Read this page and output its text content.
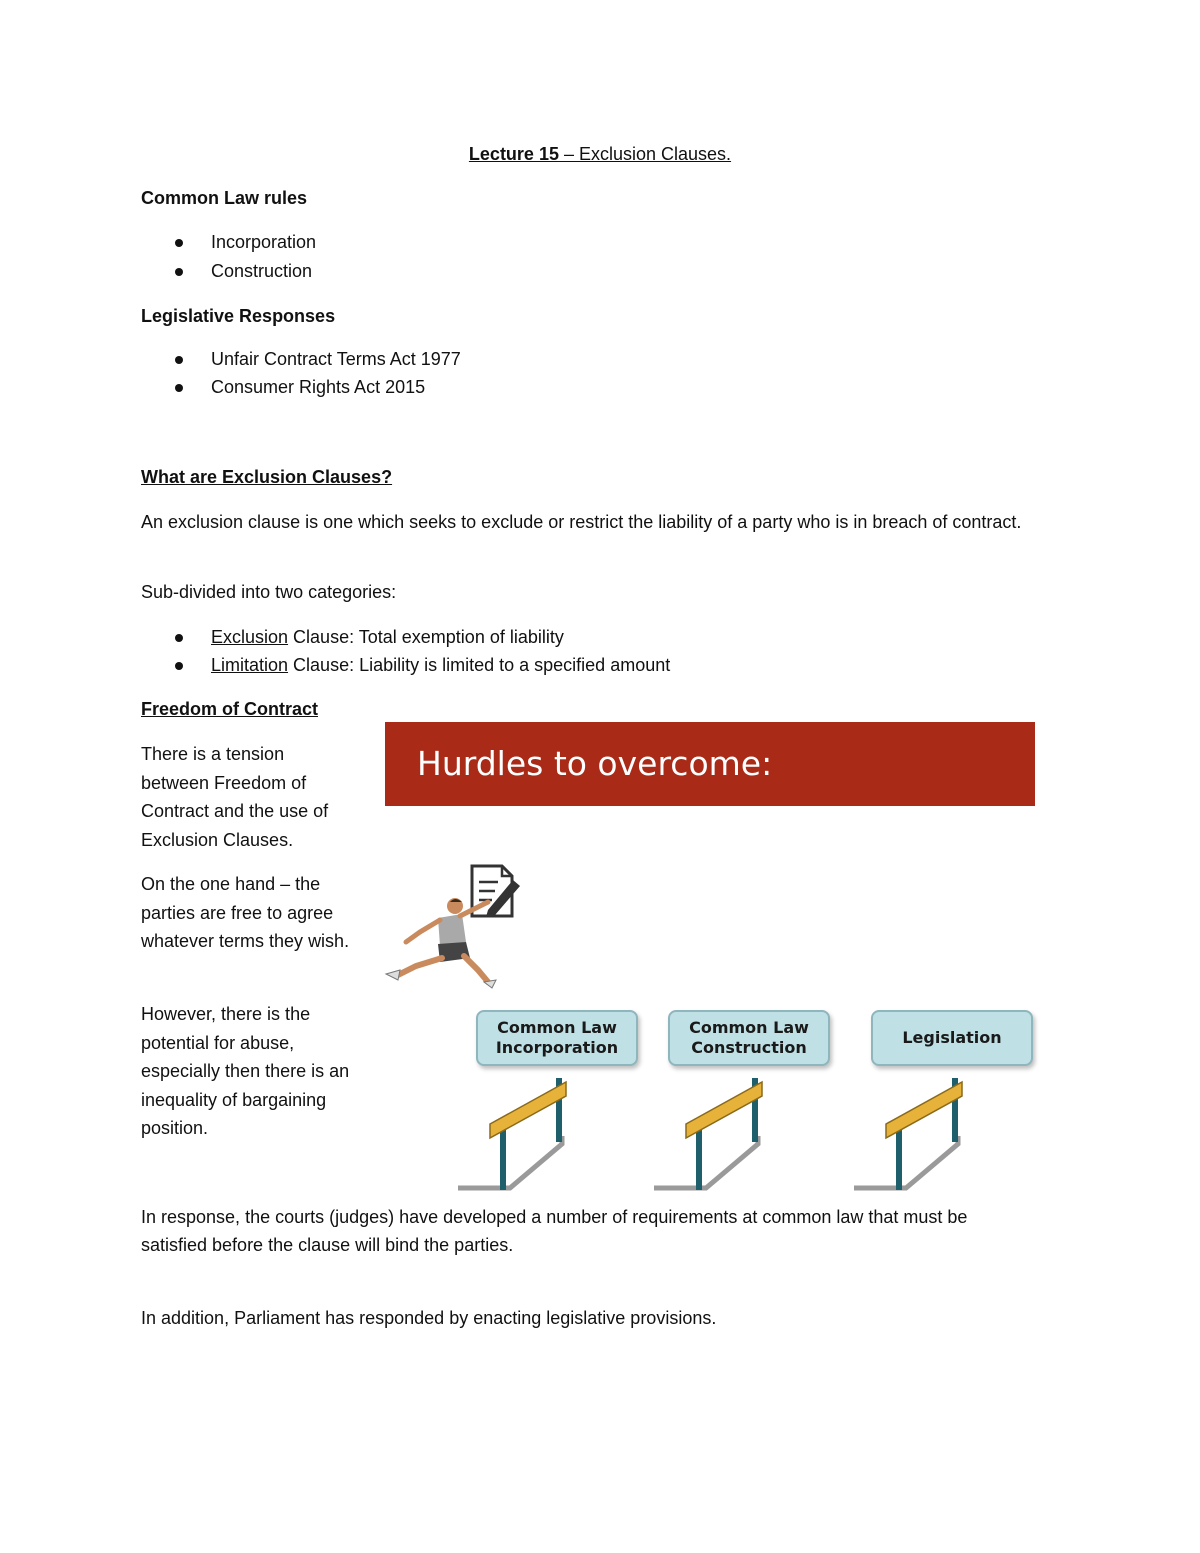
Lecture 15 – Exclusion Clauses.
Common Law rules
Incorporation
Construction
Legislative Responses
Unfair Contract Terms Act 1977
Consumer Rights Act 2015
What are Exclusion Clauses?
An exclusion clause is one which seeks to exclude or restrict the liability of a party who is in breach of contract.
Sub-divided into two categories:
Exclusion Clause: Total exemption of liability
Limitation Clause: Liability is limited to a specified amount
Freedom of Contract
There is a tension between Freedom of Contract and the use of Exclusion Clauses.
On the one hand – the parties are free to agree whatever terms they wish.
However, there is the potential for abuse, especially then there is an inequality of bargaining position.
Hurdles to overcome:
Common Law
Incorporation
Common Law
Construction
Legislation
In response, the courts (judges) have developed a number of requirements at common law that must be satisfied before the clause will bind the parties.
In addition, Parliament has responded by enacting legislative provisions.
